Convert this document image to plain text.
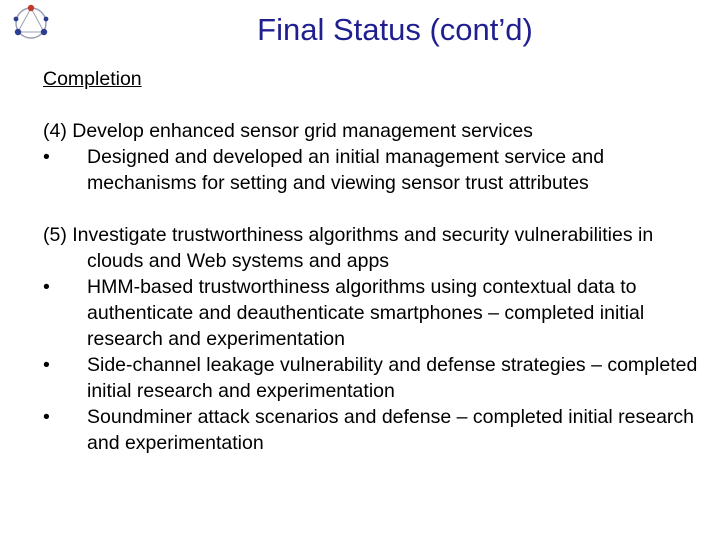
Final Status (cont’d)
Completion
(4) Develop enhanced sensor grid management services
• Designed and developed an initial management service and mechanisms for setting and viewing sensor trust attributes
(5) Investigate trustworthiness algorithms and security vulnerabilities in clouds and Web systems and apps
• HMM-based trustworthiness algorithms using contextual data to authenticate and deauthenticate smartphones – completed initial research and experimentation
• Side-channel leakage vulnerability and defense strategies – completed initial research and experimentation
• Soundminer attack scenarios and defense – completed initial research and experimentation
